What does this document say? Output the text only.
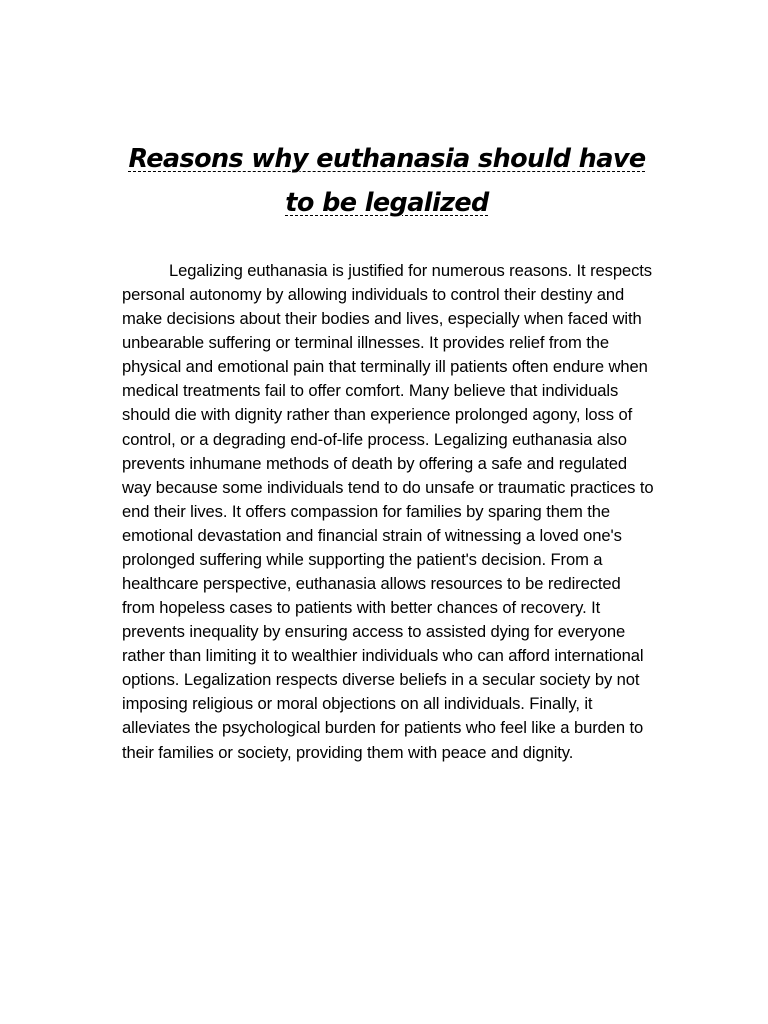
Reasons why euthanasia should have to be legalized

Legalizing euthanasia is justified for numerous reasons. It respects personal autonomy by allowing individuals to control their destiny and make decisions about their bodies and lives, especially when faced with unbearable suffering or terminal illnesses. It provides relief from the physical and emotional pain that terminally ill patients often endure when medical treatments fail to offer comfort. Many believe that individuals should die with dignity rather than experience prolonged agony, loss of control, or a degrading end-of-life process. Legalizing euthanasia also prevents inhumane methods of death by offering a safe and regulated way because some individuals tend to do unsafe or traumatic practices to end their lives. It offers compassion for families by sparing them the emotional devastation and financial strain of witnessing a loved one's prolonged suffering while supporting the patient's decision. From a healthcare perspective, euthanasia allows resources to be redirected from hopeless cases to patients with better chances of recovery. It prevents inequality by ensuring access to assisted dying for everyone rather than limiting it to wealthier individuals who can afford international options. Legalization respects diverse beliefs in a secular society by not imposing religious or moral objections on all individuals. Finally, it alleviates the psychological burden for patients who feel like a burden to their families or society, providing them with peace and dignity.
